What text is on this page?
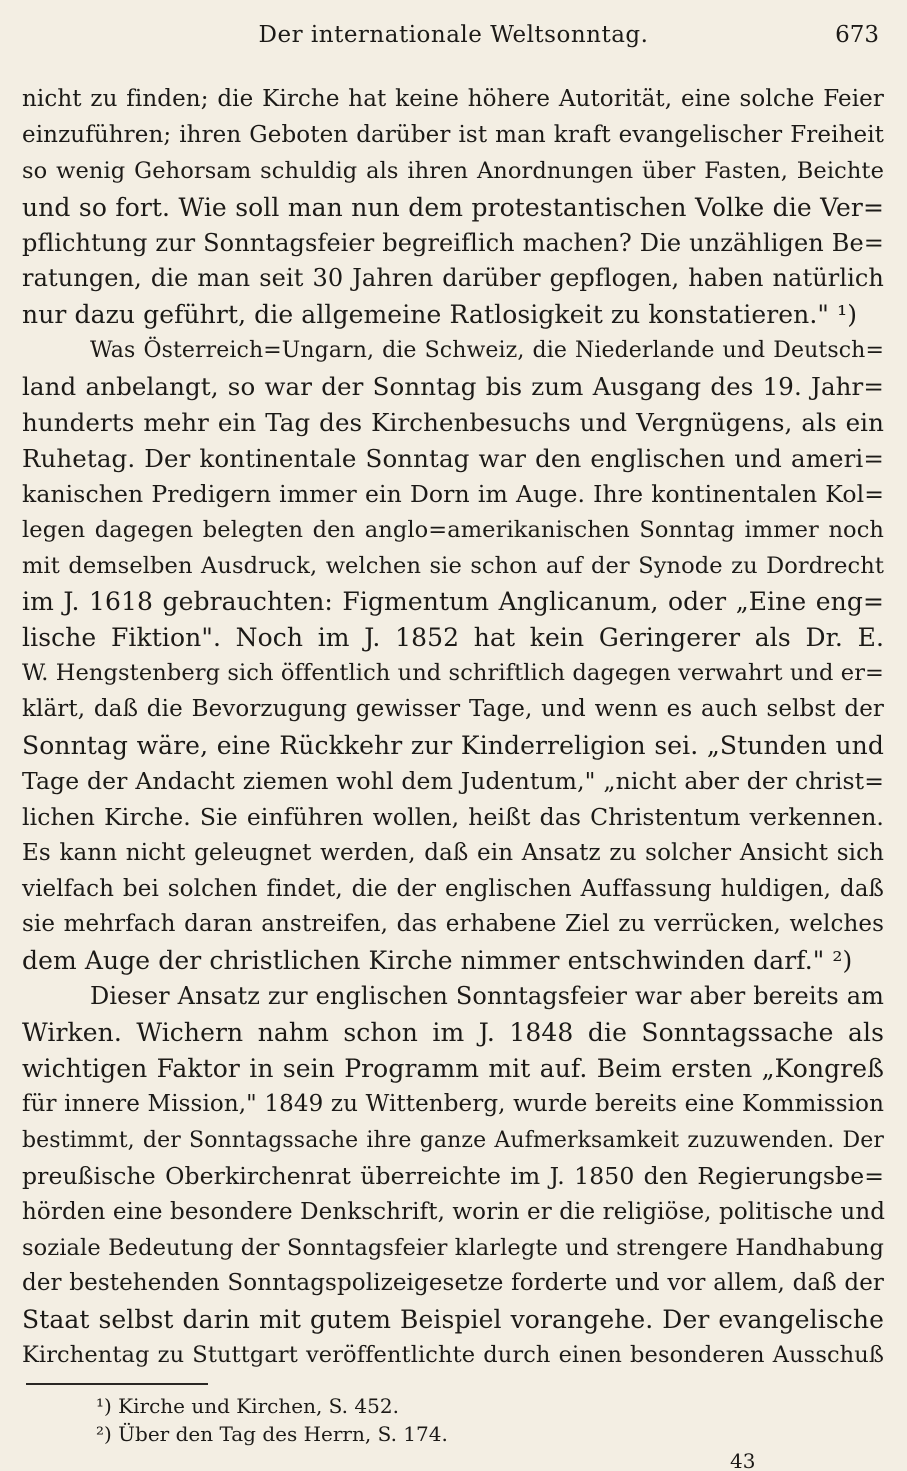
Der internationale Weltsonntag.	673
nicht zu finden; die Kirche hat keine höhere Autorität, eine solche Feier
einzuführen; ihren Geboten darüber ist man kraft evangelischer Freiheit
so wenig Gehorsam schuldig als ihren Anordnungen über Fasten, Beichte
und so fort. Wie soll man nun dem protestantischen Volke die Ver=
pflichtung zur Sonntagsfeier begreiflich machen? Die unzähligen Be=
ratungen, die man seit 30 Jahren darüber gepflogen, haben natürlich
nur dazu geführt, die allgemeine Ratlosigkeit zu konstatieren." ¹)
Was Österreich=Ungarn, die Schweiz, die Niederlande und Deutsch=
land anbelangt, so war der Sonntag bis zum Ausgang des 19. Jahr=
hunderts mehr ein Tag des Kirchenbesuchs und Vergnügens, als ein
Ruhetag. Der kontinentale Sonntag war den englischen und ameri=
kanischen Predigern immer ein Dorn im Auge. Ihre kontinentalen Kol=
legen dagegen belegten den anglo=amerikanischen Sonntag immer noch
mit demselben Ausdruck, welchen sie schon auf der Synode zu Dordrecht
im J. 1618 gebrauchten: Figmentum Anglicanum, oder „Eine eng=
lische Fiktion". Noch im J. 1852 hat kein Geringerer als Dr. E.
W. Hengstenberg sich öffentlich und schriftlich dagegen verwahrt und er=
klärt, daß die Bevorzugung gewisser Tage, und wenn es auch selbst der
Sonntag wäre, eine Rückkehr zur Kinderreligion sei. „Stunden und
Tage der Andacht ziemen wohl dem Judentum," „nicht aber der christ=
lichen Kirche. Sie einführen wollen, heißt das Christentum verkennen.
Es kann nicht geleugnet werden, daß ein Ansatz zu solcher Ansicht sich
vielfach bei solchen findet, die der englischen Auffassung huldigen, daß
sie mehrfach daran anstreifen, das erhabene Ziel zu verrücken, welches
dem Auge der christlichen Kirche nimmer entschwinden darf." ²)
Dieser Ansatz zur englischen Sonntagsfeier war aber bereits am
Wirken. Wichern nahm schon im J. 1848 die Sonntagssache als
wichtigen Faktor in sein Programm mit auf. Beim ersten „Kongreß
für innere Mission," 1849 zu Wittenberg, wurde bereits eine Kommission
bestimmt, der Sonntagssache ihre ganze Aufmerksamkeit zuzuwenden. Der
preußische Oberkirchenrat überreichte im J. 1850 den Regierungsbe=
hörden eine besondere Denkschrift, worin er die religiöse, politische und
soziale Bedeutung der Sonntagsfeier klarlegte und strengere Handhabung
der bestehenden Sonntagspolizeigesetze forderte und vor allem, daß der
Staat selbst darin mit gutem Beispiel vorangehe. Der evangelische
Kirchentag zu Stuttgart veröffentlichte durch einen besonderen Ausschuß
¹) Kirche und Kirchen, S. 452.
²) Über den Tag des Herrn, S. 174.
43
